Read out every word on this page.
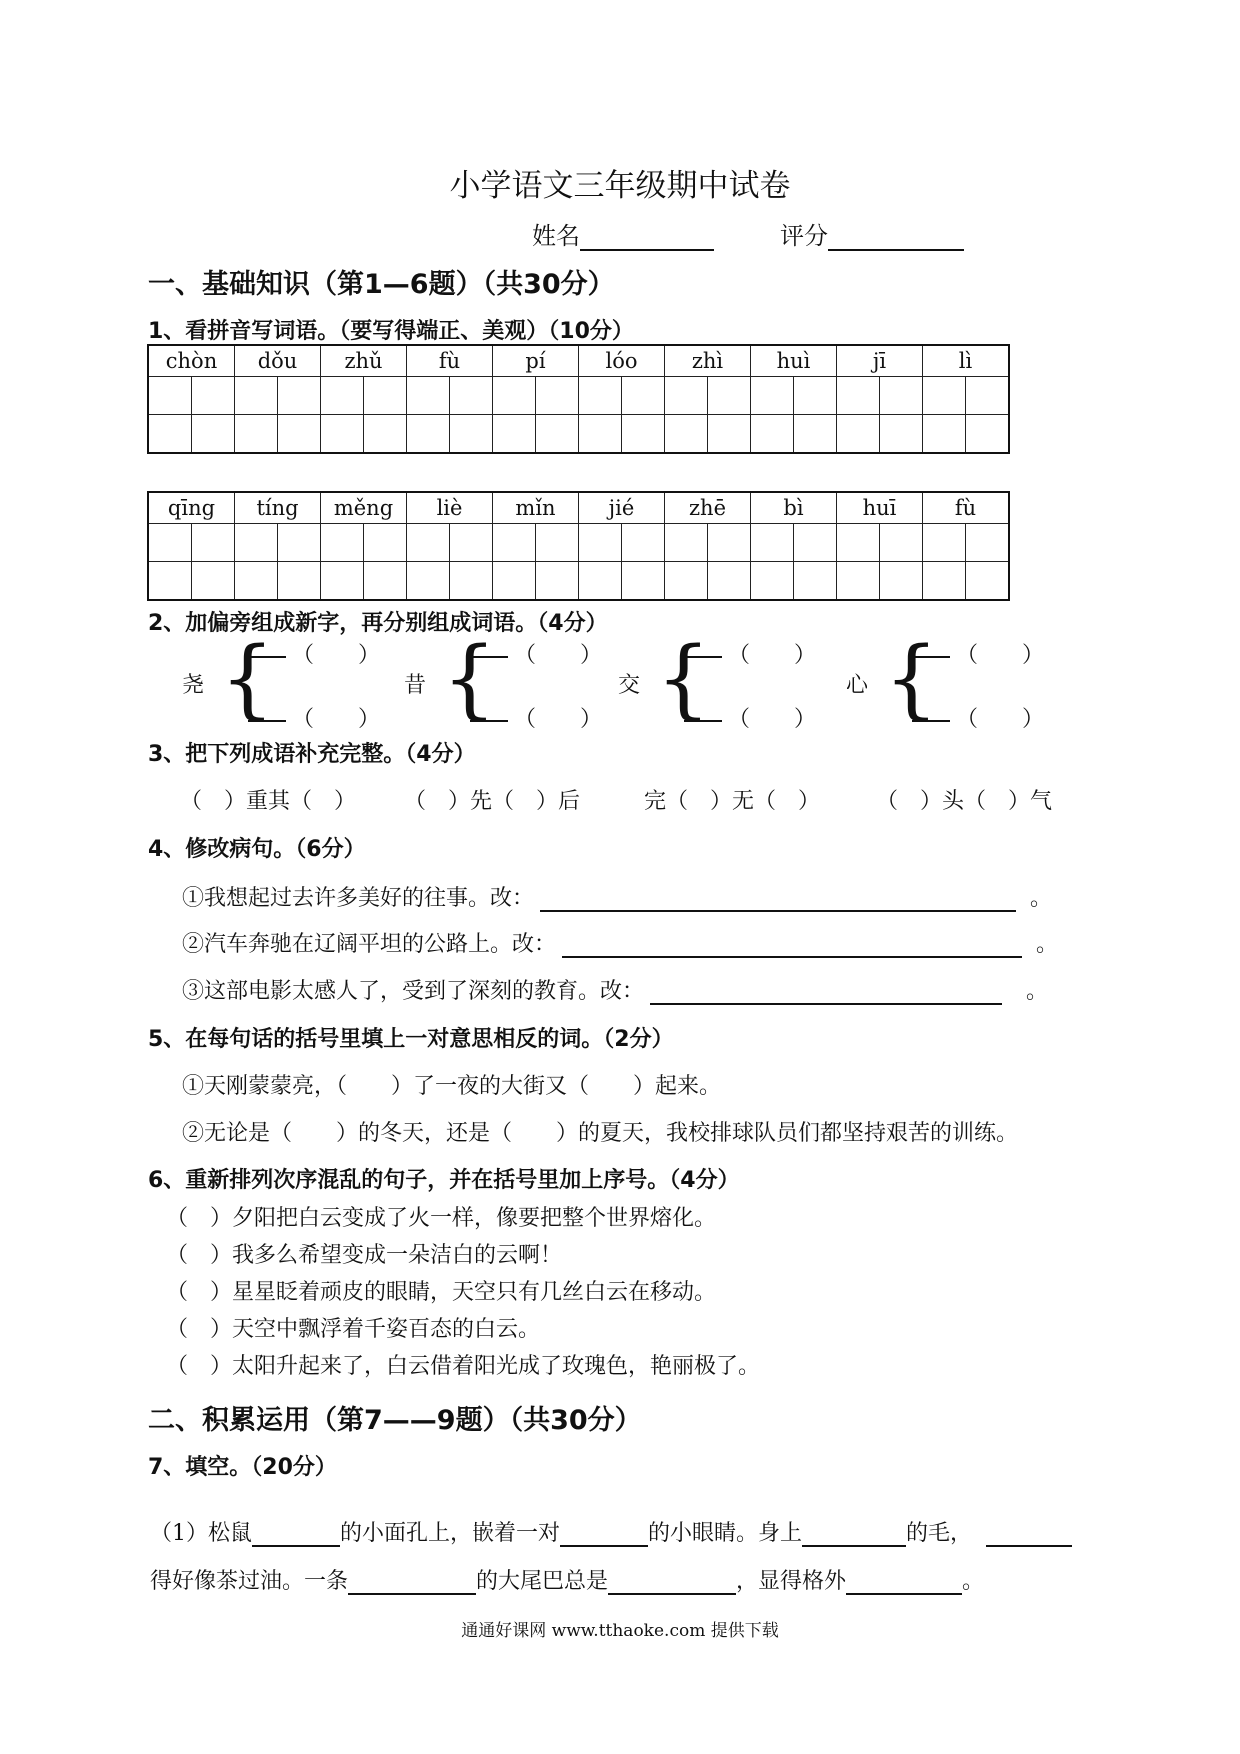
小学语文三年级期中试卷
姓名	评分
一、基础知识（第1—6题）（共30分）
1、看拼音写词语。（要写得端正、美观）（10分）
chòn		dǒu		zhǔ		fù		pí		lóo		zhì		huì		jī		lì	

qīng		tíng		měng		liè		mǐn		jié		zhē		bì		huī		fù	

2、加偏旁组成新字，再分别组成词语。（4分）
尧 { （　　）
（　　）
昔 { （　　）
（　　）
交 { （　　）
（　　）
心 { （　　）
（　　）
3、把下列成语补充完整。（4分）
（　）重其（　） （　）先（　）后	完（　）无（　）	（　）头（　）气
4、修改病句。（6分）
①我想起过去许多美好的往事。改：	。
②汽车奔驰在辽阔平坦的公路上。改：	。
③这部电影太感人了，受到了深刻的教育。改：	。
5、在每句话的括号里填上一对意思相反的词。（2分）
①天刚蒙蒙亮，（　　）了一夜的大街又（　　）起来。
②无论是（　　）的冬天，还是（　　）的夏天，我校排球队员们都坚持艰苦的训练。
6、重新排列次序混乱的句子，并在括号里加上序号。（4分）
（　）夕阳把白云变成了火一样，像要把整个世界熔化。
（　）我多么希望变成一朵洁白的云啊！
（　）星星眨着顽皮的眼睛，天空只有几丝白云在移动。
（　）天空中飘浮着千姿百态的白云。
（　）太阳升起来了，白云借着阳光成了玫瑰色，艳丽极了。
二、积累运用（第7——9题）（共30分）
7、填空。（20分）
（1）松鼠	的小面孔上，嵌着一对	的小眼睛。身上	的毛，
得好像茶过油。一条	的大尾巴总是	，显得格外	。
通通好课网 www.tthaoke.com 提供下载
